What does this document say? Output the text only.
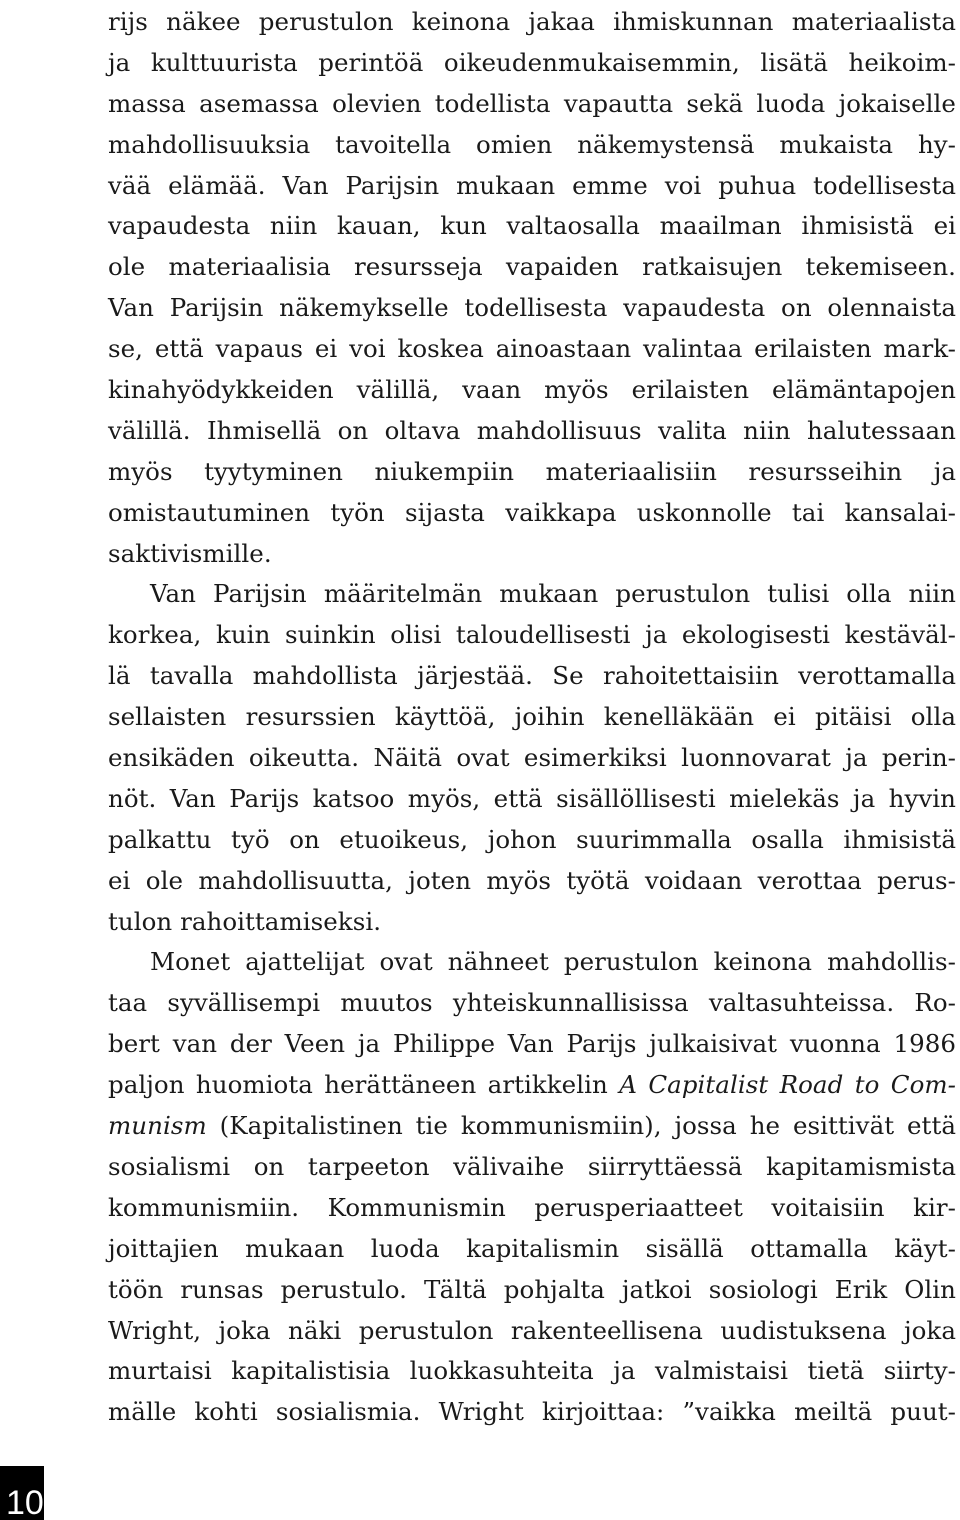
rijs näkee perustulon keinona jakaa ihmiskunnan materiaalista
ja kulttuurista perintöä oikeudenmukaisemmin, lisätä heikoim-
massa asemassa olevien todellista vapautta sekä luoda jokaiselle
mahdollisuuksia tavoitella omien näkemystensä mukaista hy-
vää elämää. Van Parijsin mukaan emme voi puhua todellisesta
vapaudesta niin kauan, kun valtaosalla maailman ihmisistä ei
ole materiaalisia resursseja vapaiden ratkaisujen tekemiseen.
Van Parijsin näkemykselle todellisesta vapaudesta on olennaista
se, että vapaus ei voi koskea ainoastaan valintaa erilaisten mark-
kinahyödykkeiden välillä, vaan myös erilaisten elämäntapojen
välillä. Ihmisellä on oltava mahdollisuus valita niin halutessaan
myös tyytyminen niukempiin materiaalisiin resursseihin ja
omistautuminen työn sijasta vaikkapa uskonnolle tai kansalai-
saktivismille.
Van Parijsin määritelmän mukaan perustulon tulisi olla niin
korkea, kuin suinkin olisi taloudellisesti ja ekologisesti kestäväl-
lä tavalla mahdollista järjestää. Se rahoitettaisiin verottamalla
sellaisten resurssien käyttöä, joihin kenelläkään ei pitäisi olla
ensikäden oikeutta. Näitä ovat esimerkiksi luonnovarat ja perin-
nöt. Van Parijs katsoo myös, että sisällöllisesti mielekäs ja hyvin
palkattu työ on etuoikeus, johon suurimmalla osalla ihmisistä
ei ole mahdollisuutta, joten myös työtä voidaan verottaa perus-
tulon rahoittamiseksi.
Monet ajattelijat ovat nähneet perustulon keinona mahdollis-
taa syvällisempi muutos yhteiskunnallisissa valtasuhteissa. Ro-
bert van der Veen ja Philippe Van Parijs julkaisivat vuonna 1986
paljon huomiota herättäneen artikkelin A Capitalist Road to Com-
munism (Kapitalistinen tie kommunismiin), jossa he esittivät että
sosialismi on tarpeeton välivaihe siirryttäessä kapitamismista
kommunismiin. Kommunismin perusperiaatteet voitaisiin kir-
joittajien mukaan luoda kapitalismin sisällä ottamalla käyt-
töön runsas perustulo. Tältä pohjalta jatkoi sosiologi Erik Olin
Wright, joka näki perustulon rakenteellisena uudistuksena joka
murtaisi kapitalistisia luokkasuhteita ja valmistaisi tietä siirty-
mälle kohti sosialismia. Wright kirjoittaa: ”vaikka meiltä puut-
10
